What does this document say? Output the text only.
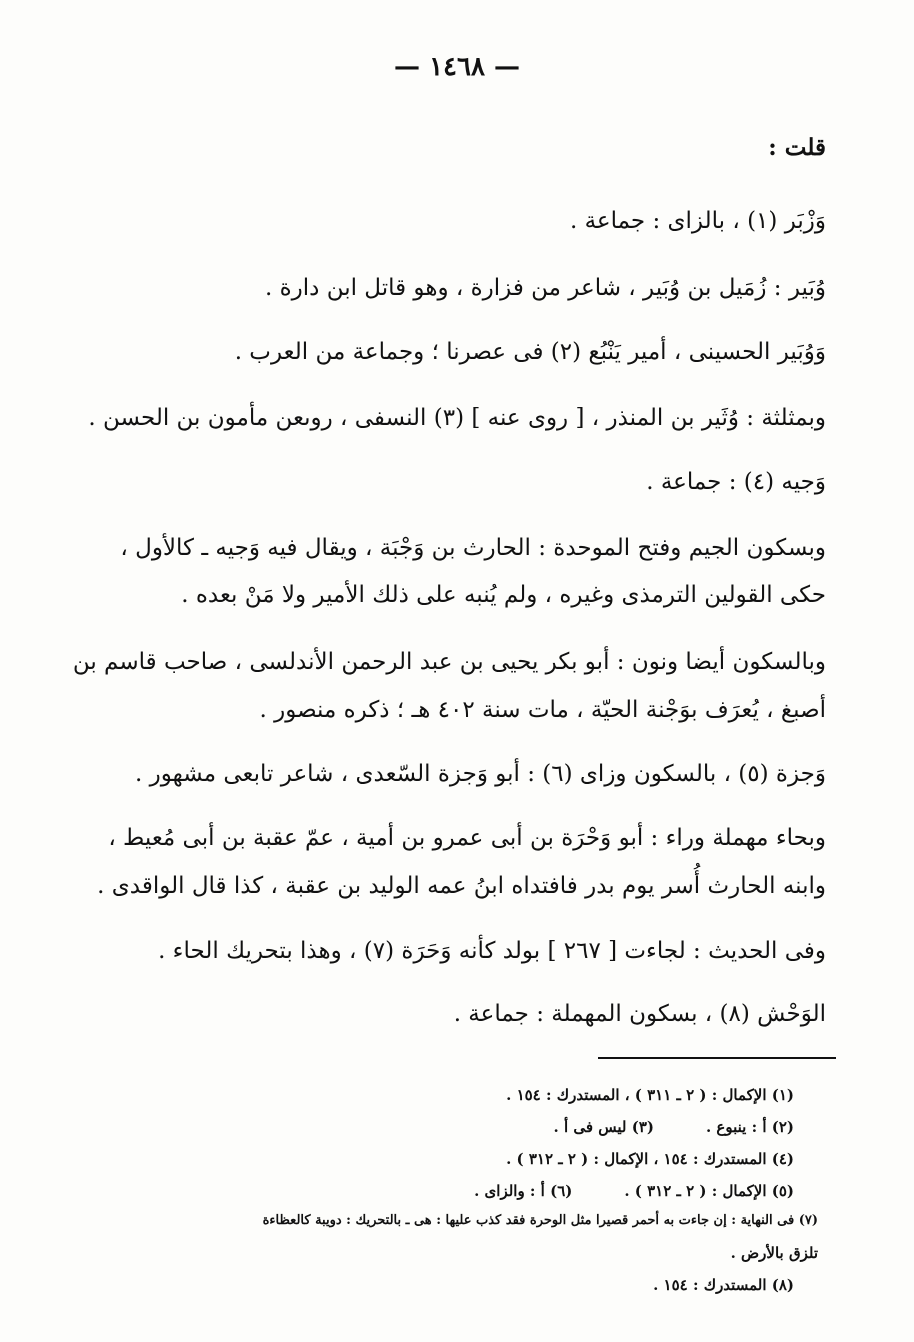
— ١٤٦٨ —
قلت :
وَزْبَر (١) ، بالزاى : جماعة .
وُبَير : زُمَيل بن وُبَير ، شاعر من فزارة ، وهو قاتل ابن دارة .
وَوُبَير الحسينى ، أمير يَنْبُع (٢) فى عصرنا ؛ وجماعة من العرب .
وبمثلثة : وُثَير بن المنذر ، [ روى عنه ] (٣) النسفى ، روىعن مأمون بن الحسن .
وَجيه (٤) : جماعة .
وبسكون الجيم وفتح الموحدة : الحارث بن وَجْبَة ، ويقال فيه وَجيه ـ كالأول ،
حكى القولين الترمذى وغيره ، ولم يُنبه على ذلك الأمير ولا مَنْ بعده .
وبالسكون أيضا ونون : أبو بكر يحيى بن عبد الرحمن الأندلسى ، صاحب قاسم بن
أصبغ ، يُعرَف بوَجْنة الحيّة ، مات سنة ٤٠٢ هـ ؛ ذكره منصور .
وَجزة (٥) ، بالسكون وزاى (٦) : أبو وَجزة السّعدى ، شاعر تابعى مشهور .
وبحاء مهملة وراء : أبو وَحْرَة بن أبى عمرو بن أمية ، عمّ عقبة بن أبى مُعيط ،
وابنه الحارث أُسر يوم بدر فافتداه ابنُ عمه الوليد بن عقبة ، كذا قال الواقدى .
وفى الحديث : لجاءت [ ٢٦٧ ] بولد كأنه وَحَرَة (٧) ، وهذا بتحريك الحاء .
الوَحْش (٨) ، بسكون المهملة : جماعة .
(١) الإكمال : ( ٢ ـ ٣١١ ) ، المستدرك : ١٥٤ .
(٢) أ : ينبوع .(٣) ليس فى أ .
(٤) المستدرك : ١٥٤ ، الإكمال : ( ٢ ـ ٣١٢ ) .
(٥) الإكمال : ( ٢ ـ ٣١٢ ) .(٦) أ : والزاى .
(٧) فى النهاية : إن جاءت به أحمر قصيرا مثل الوحرة فقد كذب عليها : هى ـ بالتحريك : دويبة كالعظاءة
تلزق بالأرض .
(٨) المستدرك : ١٥٤ .
